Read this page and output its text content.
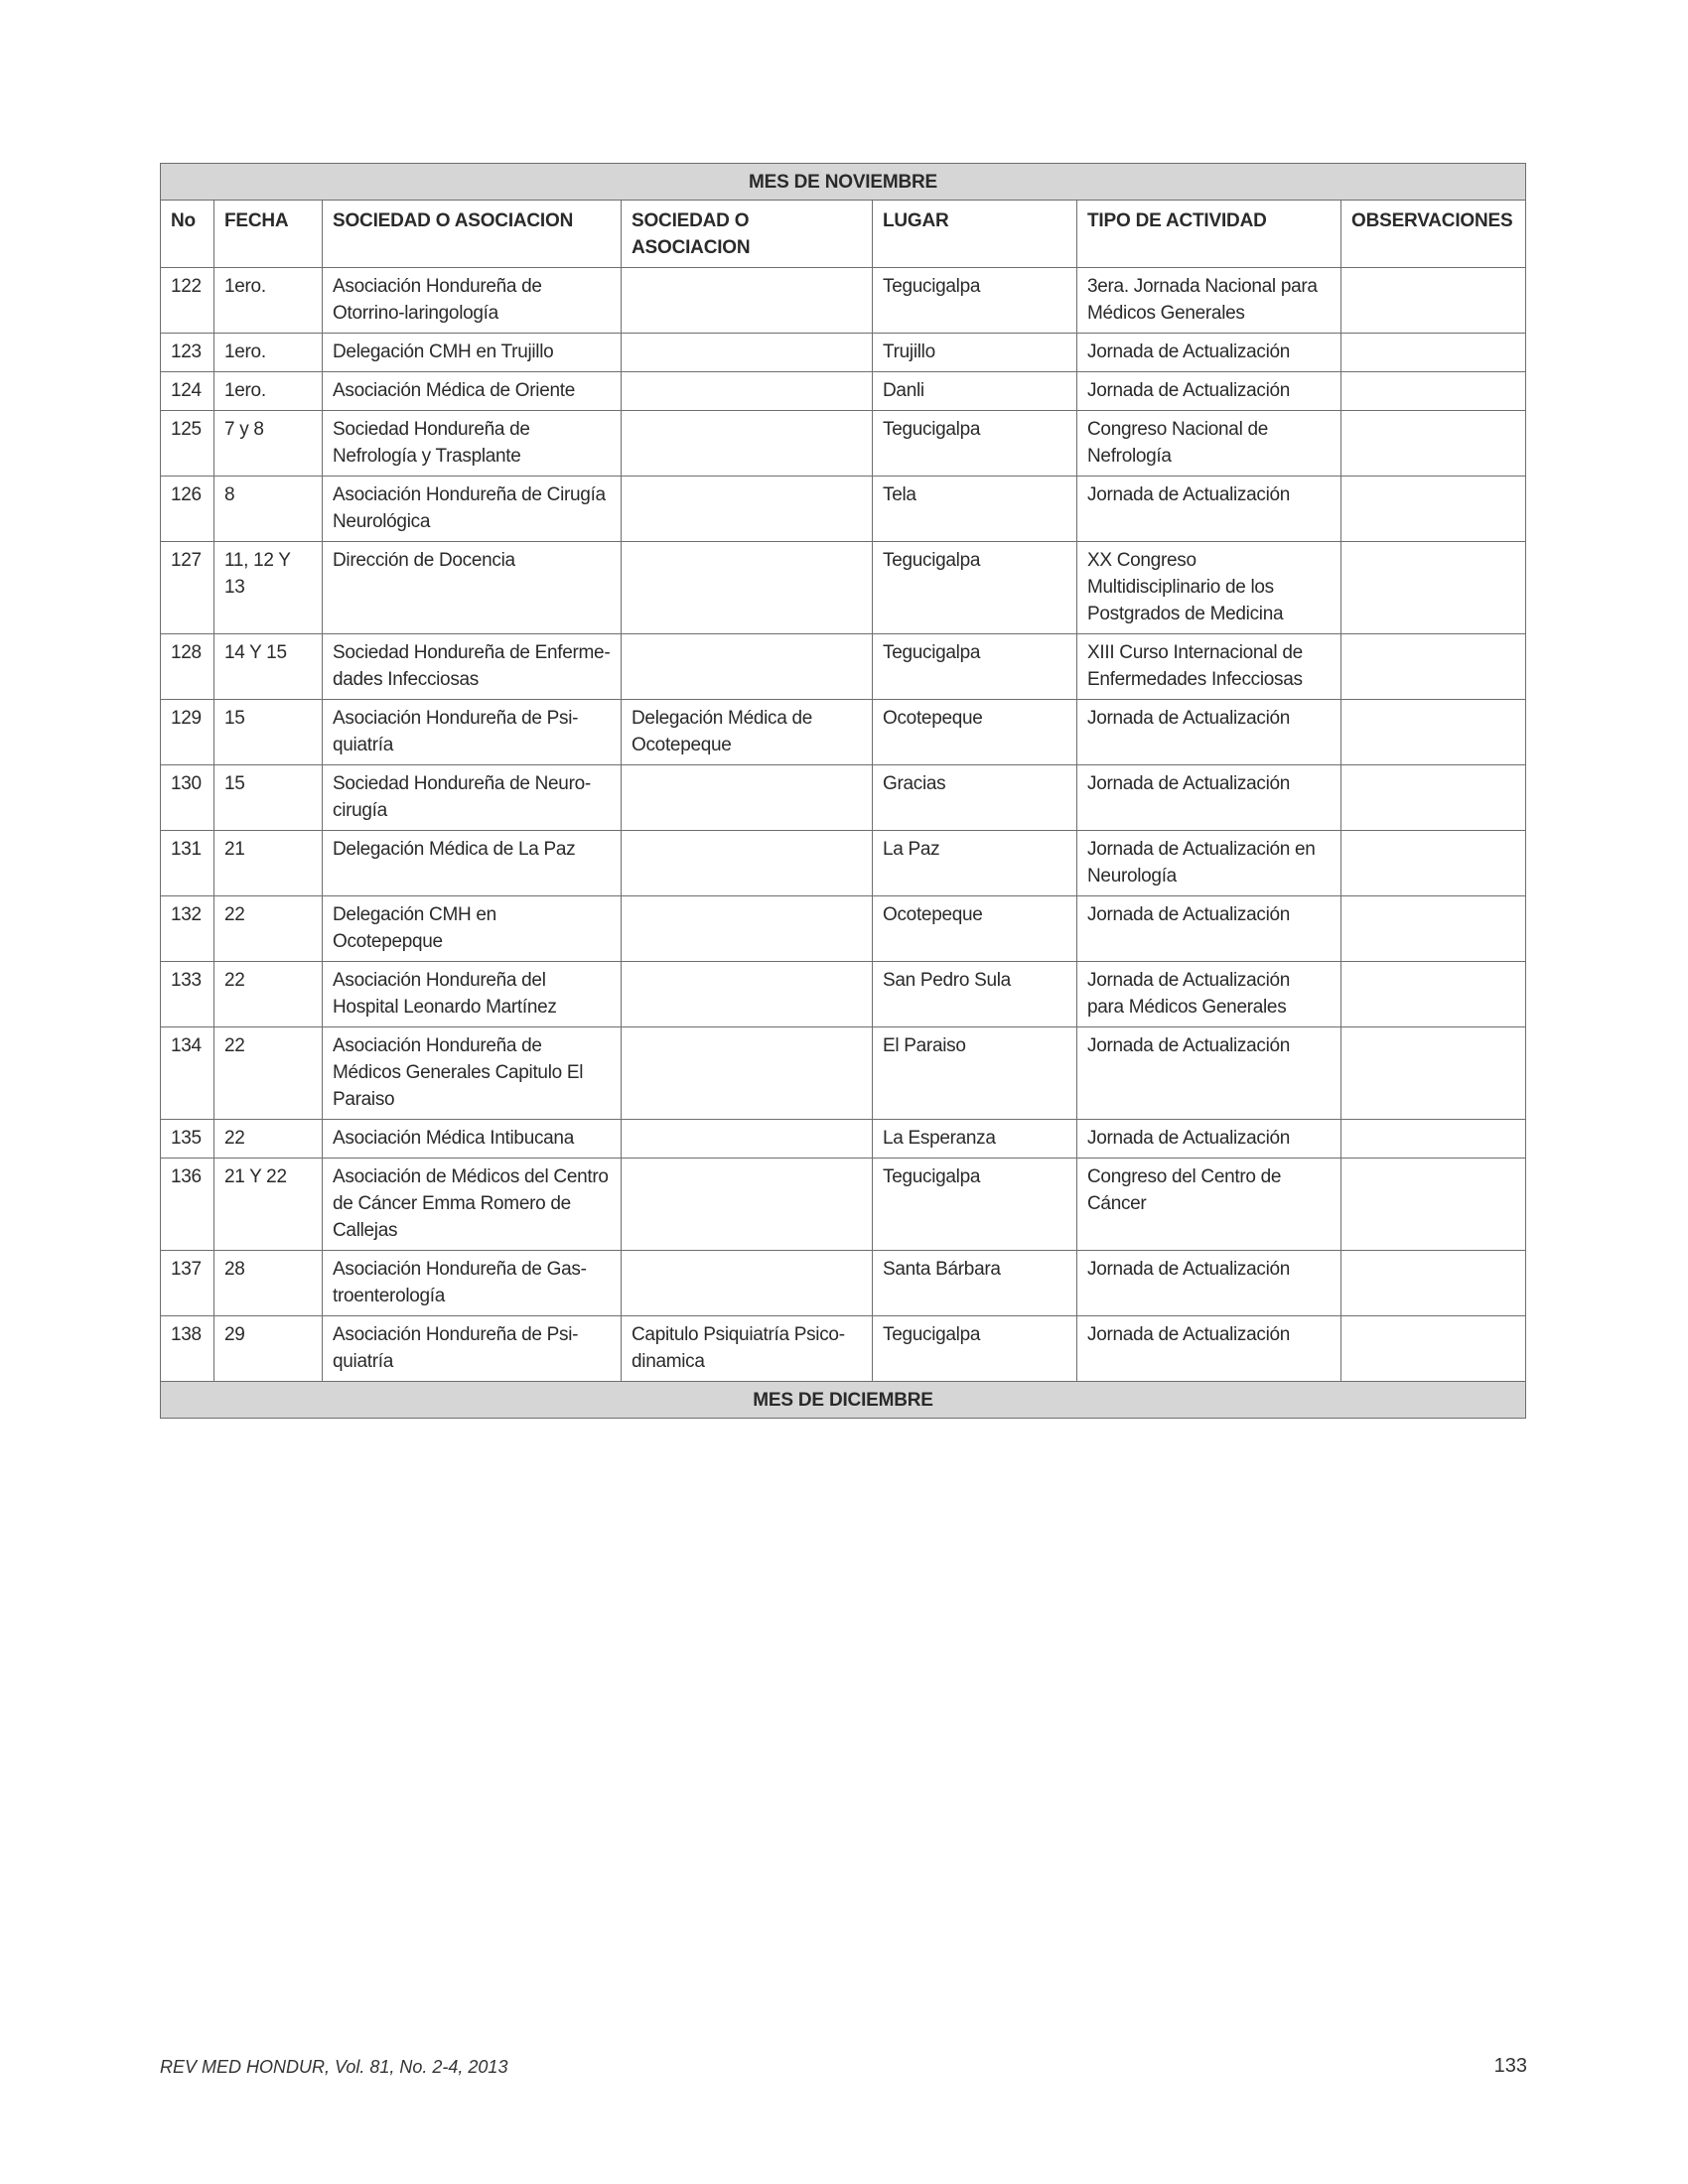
MES DE NOVIEMBRE						
No	FECHA	SOCIEDAD O ASOCIACION	SOCIEDAD O ASOCIACION	LUGAR	TIPO DE ACTIVIDAD	OBSERVACIONES
122	1ero.	Asociación Hondureña de Otorrino-laringología		Tegucigalpa	3era. Jornada Nacional para Médicos Generales	
123	1ero.	Delegación CMH en Trujillo		Trujillo	Jornada de Actualización	
124	1ero.	Asociación Médica de Oriente		Danli	Jornada de Actualización	
125	7 y 8	Sociedad Hondureña de Nefrología y Trasplante		Tegucigalpa	Congreso Nacional de Nefrología	
126	8	Asociación Hondureña de Cirugía Neurológica		Tela	Jornada de Actualización	
127	11, 12 Y 13	Dirección de Docencia		Tegucigalpa	XX Congreso Multidisciplinario de los Postgrados de Medicina	
128	14 Y 15	Sociedad Hondureña de Enferme-dades Infecciosas		Tegucigalpa	XIII Curso Internacional de Enfermedades Infecciosas	
129	15	Asociación Hondureña de Psi-quiatría	Delegación Médica de Ocotepeque	Ocotepeque	Jornada de Actualización	
130	15	Sociedad Hondureña de Neuro-cirugía		Gracias	Jornada de Actualización	
131	21	Delegación Médica de La Paz		La Paz	Jornada de Actualización en Neurología	
132	22	Delegación CMH en Ocotepepque		Ocotepeque	Jornada de Actualización	
133	22	Asociación Hondureña del Hospital Leonardo Martínez		San Pedro Sula	Jornada de Actualización para Médicos Generales	
134	22	Asociación Hondureña de Médicos Generales Capitulo El Paraiso		El Paraiso	Jornada de Actualización	
135	22	Asociación Médica Intibucana		La Esperanza	Jornada de Actualización	
136	21 Y 22	Asociación de Médicos del Centro de Cáncer Emma Romero de Callejas		Tegucigalpa	Congreso del Centro de Cáncer	
137	28	Asociación Hondureña de Gas-troenterología		Santa Bárbara	Jornada de Actualización	
138	29	Asociación Hondureña de Psi-quiatría	Capitulo Psiquiatría Psico-dinamica	Tegucigalpa	Jornada de Actualización	
MES DE DICIEMBRE						
REV MED HONDUR, Vol. 81, No. 2-4, 2013	133
